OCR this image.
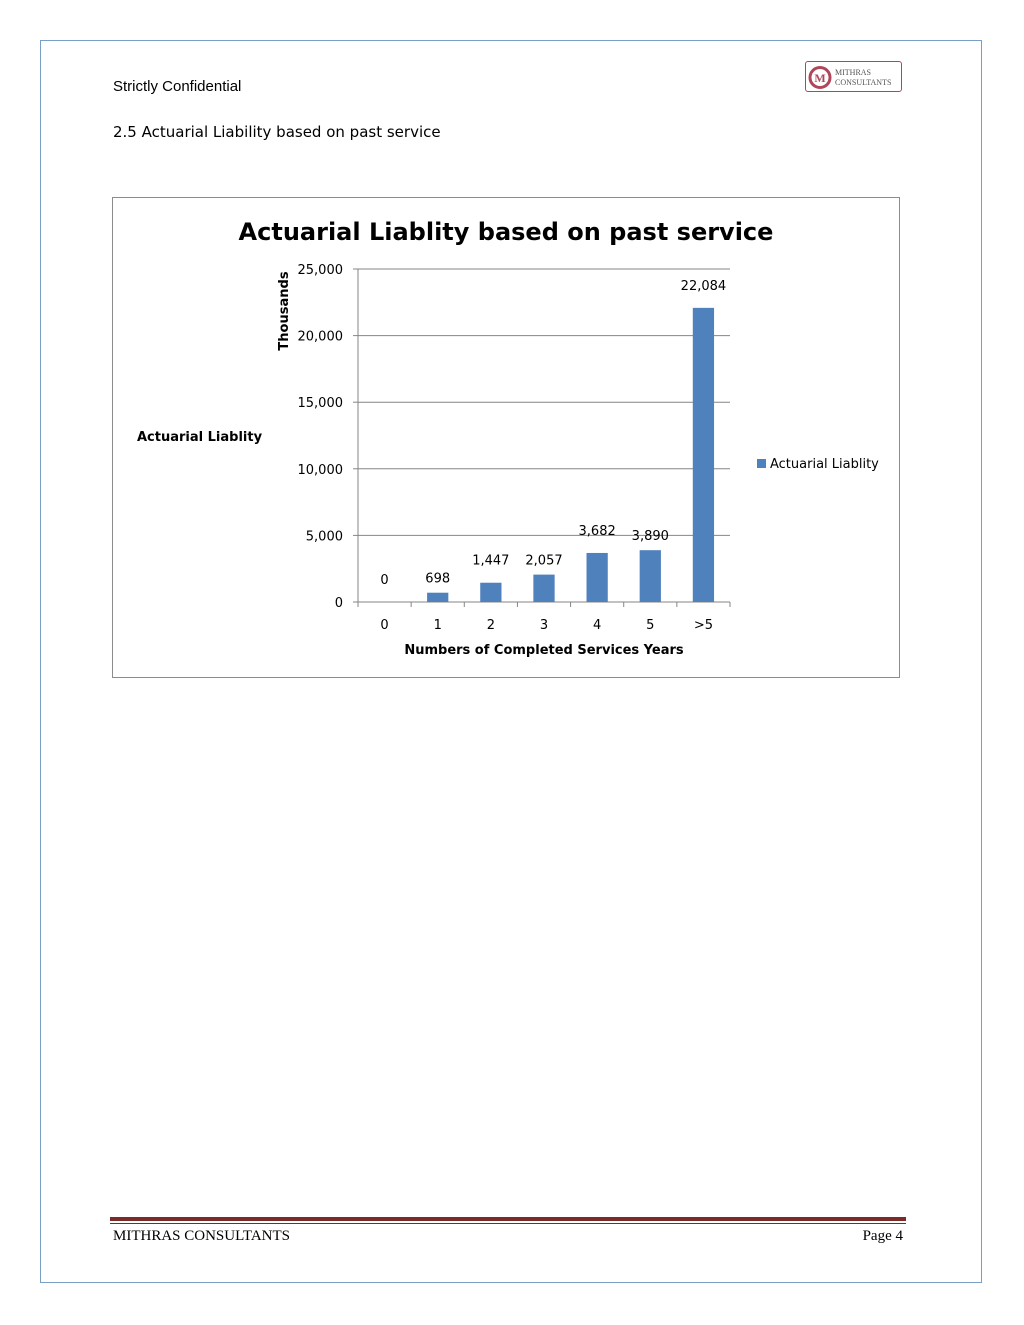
Strictly Confidential	M MITHRAS
CONSULTANTS
2.5 Actuarial Liability based on past service
Actuarial Liablity based on past service
Actuarial Liablity
Thousands
Numbers of Completed Services Years
0
5,000
10,000
15,000
20,000
25,000
0
0
1
698
2
1,447
3
2,057
4
3,682
5
3,890
>5
22,084
Actuarial Liablity
MITHRAS CONSULTANTS	Page 4
